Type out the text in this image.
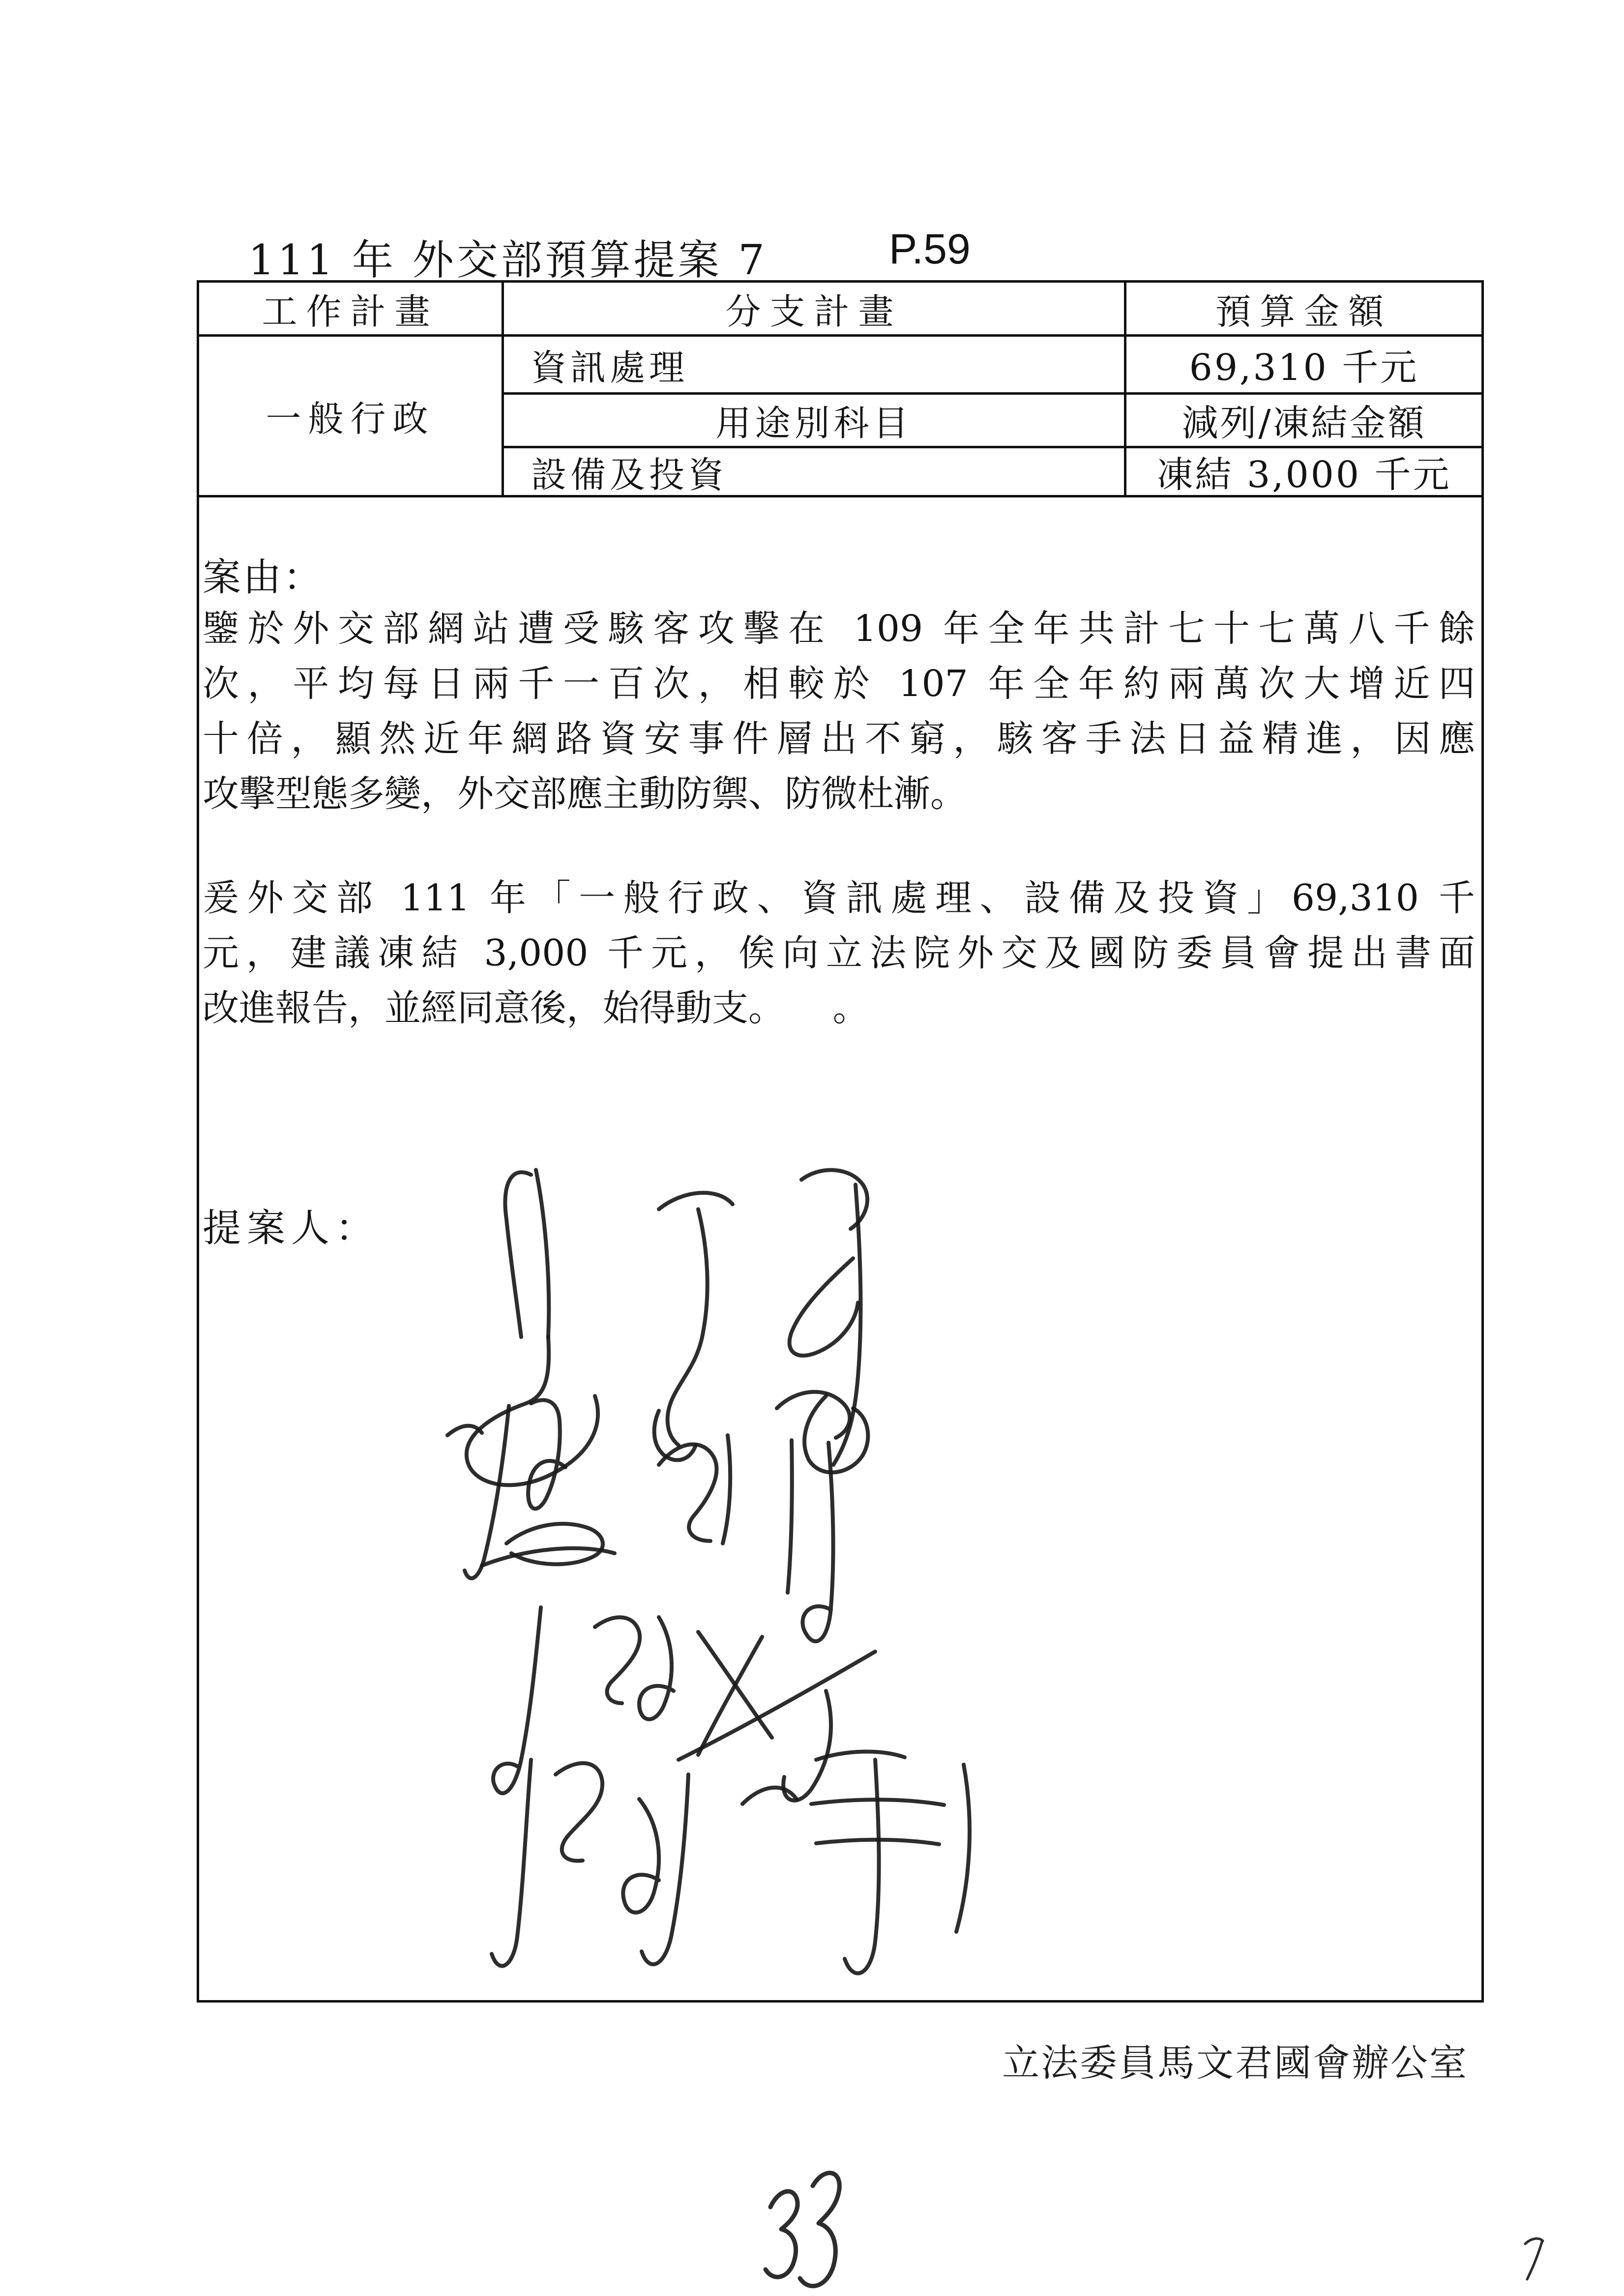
111 年 外交部預算提案 7	P.59
工作計畫	分支計畫	預算金額
一般行政
資訊處理	69,310 千元
用途別科目	減列/凍結金額
設備及投資	凍結 3,000 千元
案由：
鑒於外交部網站遭受駭客攻擊在 109 年全年共計七十七萬八千餘
次，平均每日兩千一百次，相較於 107 年全年約兩萬次大增近四
十倍，顯然近年網路資安事件層出不窮，駭客手法日益精進，因應
攻擊型態多變，外交部應主動防禦、防微杜漸。
爰外交部 111 年「一般行政、資訊處理、設備及投資」69,310 千
元，建議凍結 3,000 千元，俟向立法院外交及國防委員會提出書面
改進報告，並經同意後，始得動支。 　。
提案人：
立法委員馬文君國會辦公室
